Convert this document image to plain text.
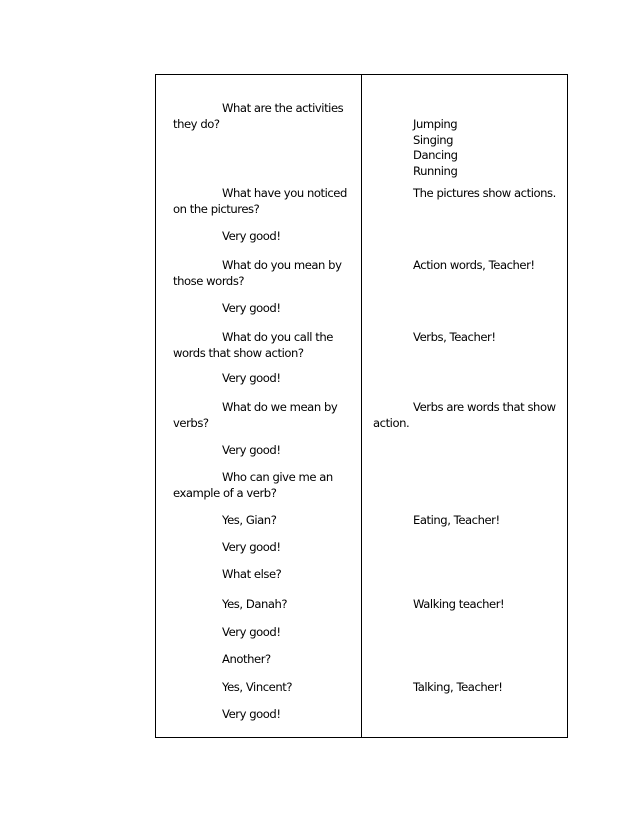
What are the activities
they do?
What have you noticed
on the pictures?
Very good!
What do you mean by
those words?
Very good!
What do you call the
words that show action?
Very good!
What do we mean by
verbs?
Very good!
Who can give me an
example of a verb?
Yes, Gian?
Very good!
What else?
Yes, Danah?
Very good!
Another?
Yes, Vincent?
Very good!
Jumping
Singing
Dancing
Running
The pictures show actions.
Action words, Teacher!
Verbs, Teacher!
Verbs are words that show
action.
Eating, Teacher!
Walking teacher!
Talking, Teacher!
